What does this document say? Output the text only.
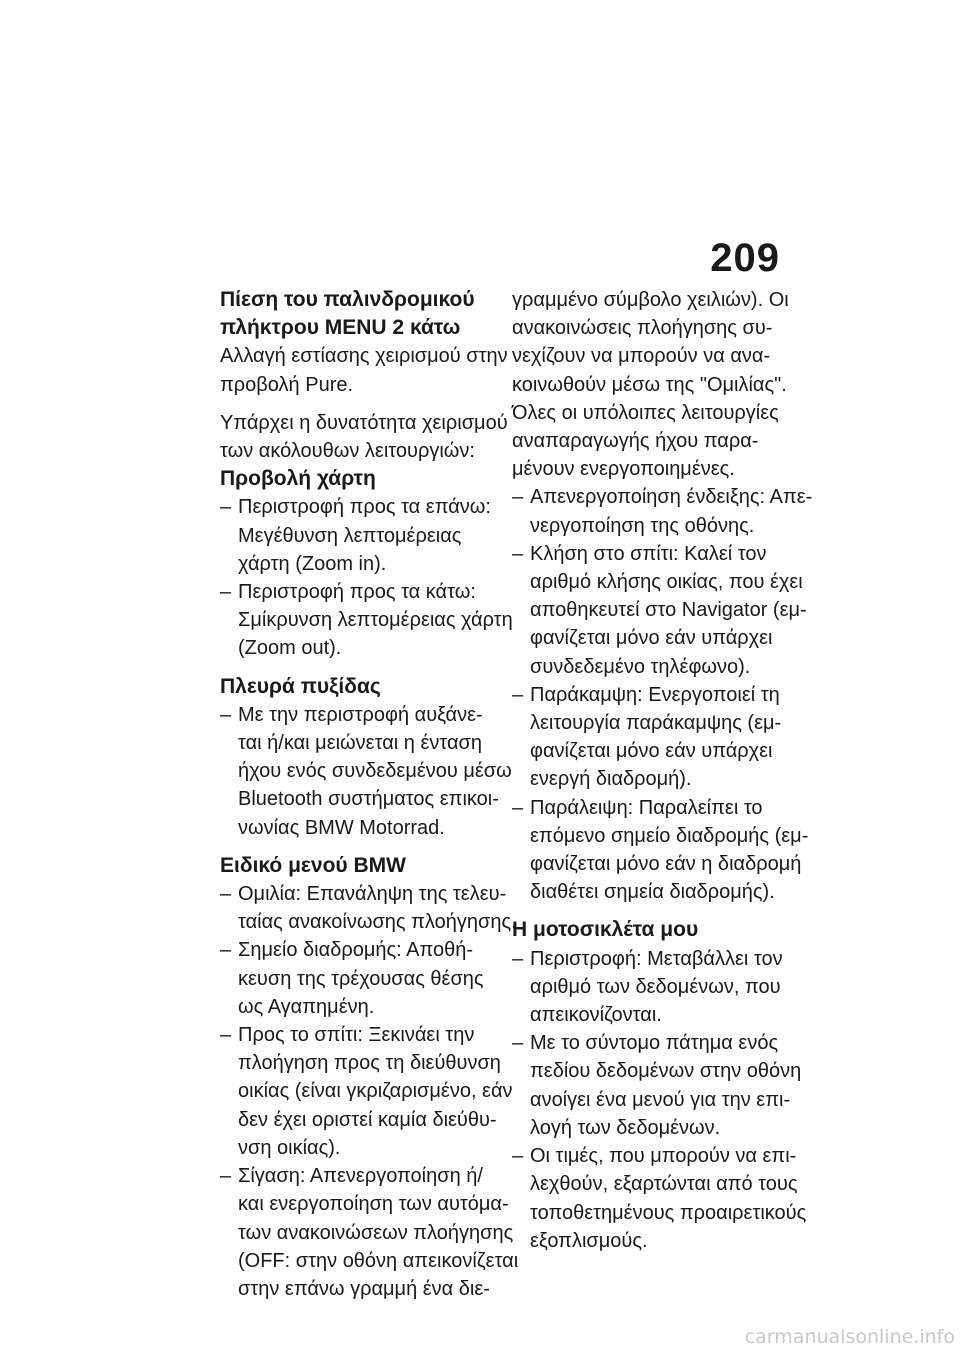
209
Πίεση του παλινδρομικού
πλήκτρου MENU 2 κάτω
Αλλαγή εστίασης χειρισμού στην
προβολή Pure.
Υπάρχει η δυνατότητα χειρισμού
των ακόλουθων λειτουργιών:
Προβολή χάρτη
– Περιστροφή προς τα επάνω:
Μεγέθυνση λεπτομέρειας
χάρτη (Zoom in).
– Περιστροφή προς τα κάτω:
Σμίκρυνση λεπτομέρειας χάρτη
(Zoom out).
Πλευρά πυξίδας
– Με την περιστροφή αυξάνε-
ται ή/και μειώνεται η ένταση
ήχου ενός συνδεδεμένου μέσω
Bluetooth συστήματος επικοι-
νωνίας BMW Motorrad.
Ειδικό μενού BMW
– Ομιλία: Επανάληψη της τελευ-
ταίας ανακοίνωσης πλοήγησης.
– Σημείο διαδρομής: Αποθή-
κευση της τρέχουσας θέσης
ως Αγαπημένη.
– Προς το σπίτι: Ξεκινάει την
πλοήγηση προς τη διεύθυνση
οικίας (είναι γκριζαρισμένο, εάν
δεν έχει οριστεί καμία διεύθυ-
νση οικίας).
– Σίγαση: Απενεργοποίηση ή/
και ενεργοποίηση των αυτόμα-
των ανακοινώσεων πλοήγησης
(OFF: στην οθόνη απεικονίζεται
στην επάνω γραμμή ένα διε-
γραμμένο σύμβολο χειλιών). Οι
ανακοινώσεις πλοήγησης συ-
νεχίζουν να μπορούν να ανα-
κοινωθούν μέσω της "Ομιλίας".
Όλες οι υπόλοιπες λειτουργίες
αναπαραγωγής ήχου παρα-
μένουν ενεργοποιημένες.
– Απενεργοποίηση ένδειξης: Απε-
νεργοποίηση της οθόνης.
– Κλήση στο σπίτι: Καλεί τον
αριθμό κλήσης οικίας, που έχει
αποθηκευτεί στο Navigator (εμ-
φανίζεται μόνο εάν υπάρχει
συνδεδεμένο τηλέφωνο).
– Παράκαμψη: Ενεργοποιεί τη
λειτουργία παράκαμψης (εμ-
φανίζεται μόνο εάν υπάρχει
ενεργή διαδρομή).
– Παράλειψη: Παραλείπει το
επόμενο σημείο διαδρομής (εμ-
φανίζεται μόνο εάν η διαδρομή
διαθέτει σημεία διαδρομής).
Η μοτοσικλέτα μου
– Περιστροφή: Μεταβάλλει τον
αριθμό των δεδομένων, που
απεικονίζονται.
– Με το σύντομο πάτημα ενός
πεδίου δεδομένων στην οθόνη
ανοίγει ένα μενού για την επι-
λογή των δεδομένων.
– Οι τιμές, που μπορούν να επι-
λεχθούν, εξαρτώνται από τους
τοποθετημένους προαιρετικούς
εξοπλισμούς.
carmanualsonline.info
